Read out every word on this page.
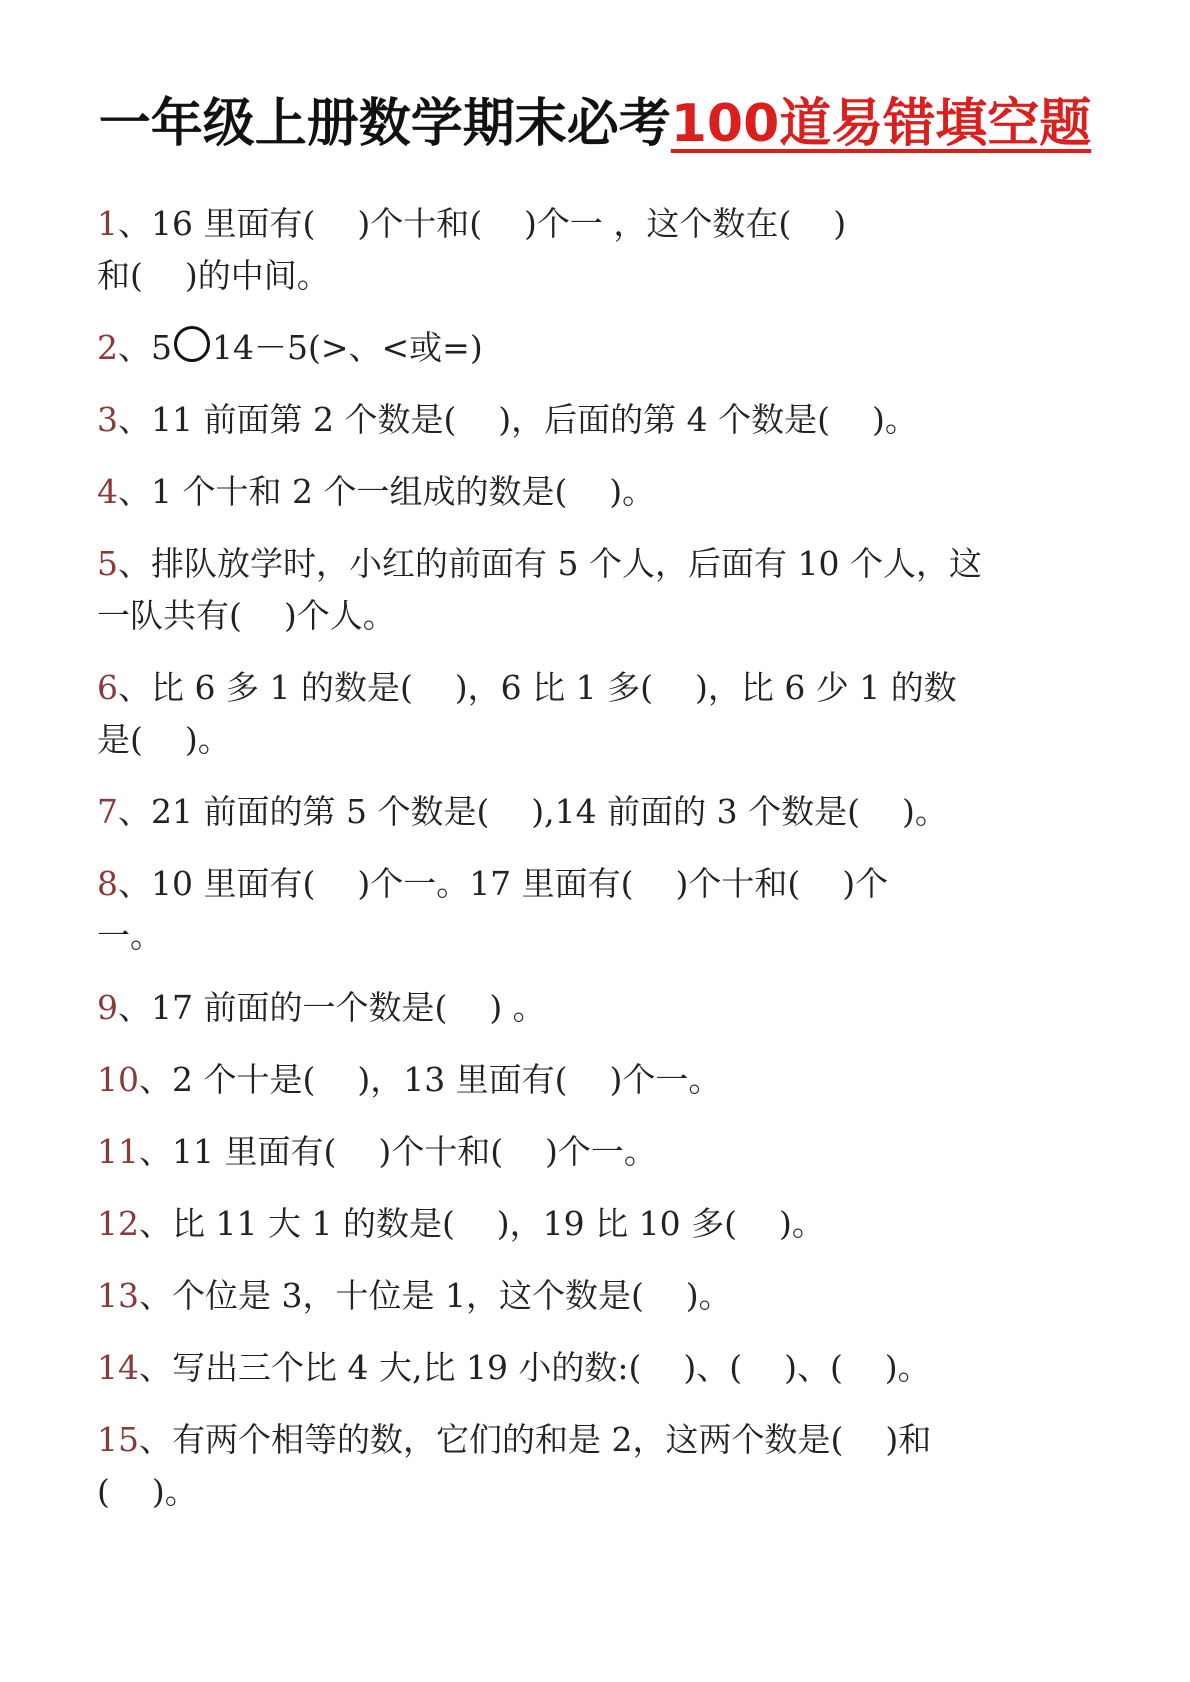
一年级上册数学期末必考100道易错填空题
1、16 里面有(    )个十和(    )个一 ，这个数在(    )
和(    )的中间。
2、5 14－5(>、<或=)
3、11 前面第 2 个数是(    )，后面的第 4 个数是(    )。
4、1 个十和 2 个一组成的数是(    )。
5、排队放学时，小红的前面有 5 个人，后面有 10 个人，这
一队共有(    )个人。
6、比 6 多 1 的数是(    )，6 比 1 多(    )，比 6 少 1 的数
是(    )。
7、21 前面的第 5 个数是(    ),14 前面的 3 个数是(    )。
8、10 里面有(    )个一。17 里面有(    )个十和(    )个
一。
9、17 前面的一个数是(    ) 。
10、2 个十是(    )，13 里面有(    )个一。
11、11 里面有(    )个十和(    )个一。
12、比 11 大 1 的数是(    )，19 比 10 多(    )。
13、个位是 3，十位是 1，这个数是(    )。
14、写出三个比 4 大,比 19 小的数:(    )、(    )、(    )。
15、有两个相等的数，它们的和是 2，这两个数是(    )和
(    )。
